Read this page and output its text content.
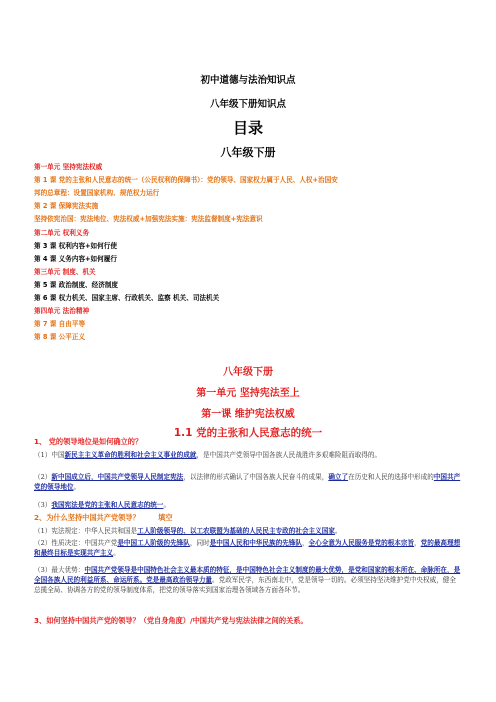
初中道德与法治知识点
八年级下册知识点
目录
八年级下册
第一单元 坚持宪法权威
第 1 课 党的主张和人民意志的统一（公民权利的保障书）：党的领导、国家权力属于人民、人权+治国安
邦的总章程：设置国家机构、规范权力运行
第 2 课 保障宪法实施
坚持依宪治国：宪法地位、宪法权威+加强宪法实施：宪法监督制度+宪法意识
第二单元 权利义务
第 3 课 权利内容+如何行使
第 4 课 义务内容+如何履行
第三单元 制度、机关
第 5 课 政治制度、经济制度
第 6 课 权力机关、国家主席、行政机关、监察 机关、司法机关
第四单元 法治精神
第 7 课 自由平等
第 8 课 公平正义
八年级下册
第一单元 坚持宪法至上
第一课 维护宪法权威
1.1 党的主张和人民意志的统一
1、 党的领导地位是如何确立的？
（1）中国新民主主义革命的胜利和社会主义事业的成就，是中国共产党领导中国各族人民战胜许多艰难险阻而取得的。
（2）新中国成立后，中国共产党领导人民制定宪法，以法律的形式确认了中国各族人民奋斗的成果，确立了在历史和人民的选择中形成的中国共产党的领导地位。
（3）我国宪法是党的主张和人民意志的统一。
2、为什么坚持中国共产党领导？	填空
（1）宪法规定：中华人民共和国是工人阶级领导的、以工农联盟为基础的人民民主专政的社会主义国家。
（2）性质决定：中国共产党是中国工人阶级的先锋队，同时是中国人民和中华民族的先锋队，全心全意为人民服务是党的根本宗旨，党的最高理想和最终目标是实现共产主义。
（3）最大优势：中国共产党领导是中国特色社会主义最本质的特征，是中国特色社会主义制度的最大优势，是党和国家的根本所在、命脉所在，是全国各族人民的利益所系、命运所系。党是最高政治领导力量。党政军民学，东西南北中，党是领导一切的。必须坚持坚决维护党中央权威，健全总揽全局、协调各方的党的领导制度体系，把党的领导落实到国家治理各领域各方面各环节。
3、如何坚持中国共产党的领导？（党自身角度）/中国共产党与宪法法律之间的关系。
